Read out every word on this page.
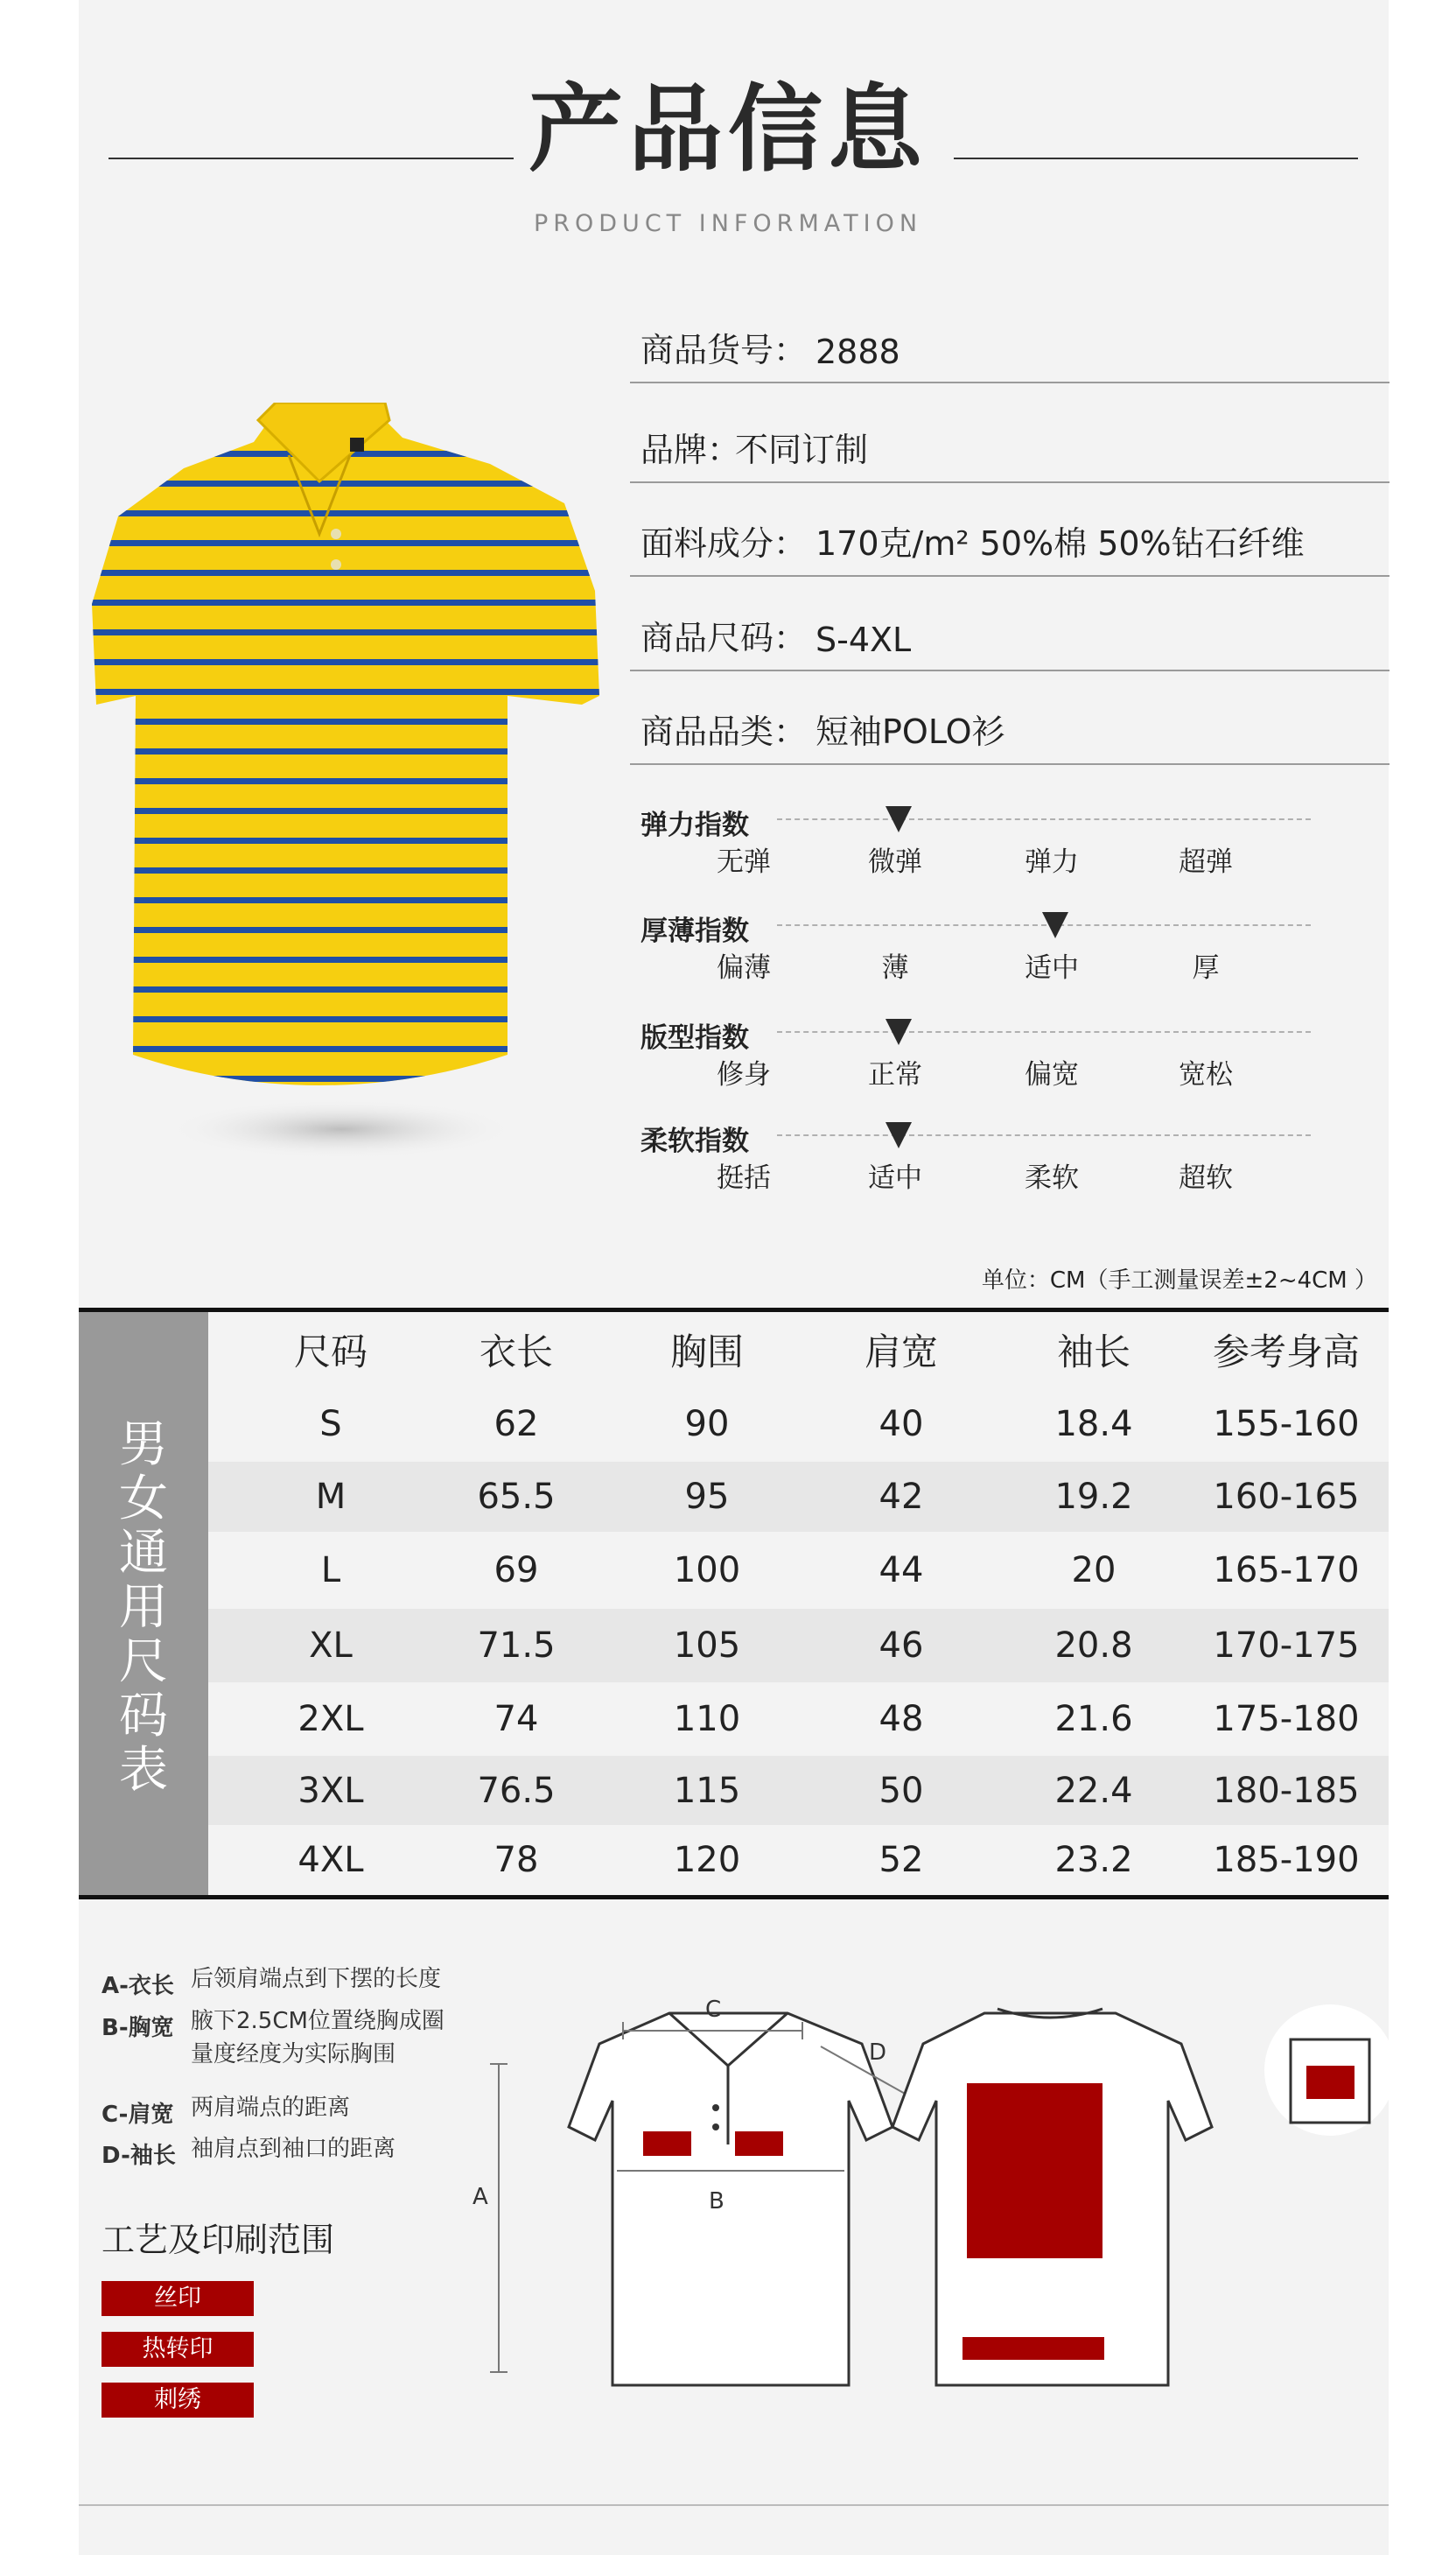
产品信息
PRODUCT INFORMATION
商品货号： 2888
品牌：
不同订制
面料成分： 170克/m² 50%棉 50%钻石纤维
商品尺码： S-4XL
商品品类： 短袖POLO衫
弹力指数
无弹	微弹	弹力	超弹
厚薄指数
偏薄	薄	适中	厚
版型指数
修身	正常	偏宽	宽松
柔软指数
挺括	适中	柔软	超软
单位：CM（手工测量误差±2~4CM ）
男
女
通
用
尺
码
表
尺码	衣长	胸围	肩宽	袖长	参考身高
S	62	90	40	18.4	155-160
M	65.5	95	42	19.2	160-165
L	69	100	44	20	165-170
XL	71.5	105	46	20.8	170-175
2XL	74	110	48	21.6	175-180
3XL	76.5	115	50	22.4	180-185
4XL	78	120	52	23.2	185-190
A-衣长 后领肩端点到下摆的长度
B-胸宽 腋下2.5CM位置绕胸成圈 量度经度为实际胸围
C-肩宽 两肩端点的距离
D-袖长 袖肩点到袖口的距离
工艺及印刷范围
丝印
热转印
刺绣
C
D
A	B
